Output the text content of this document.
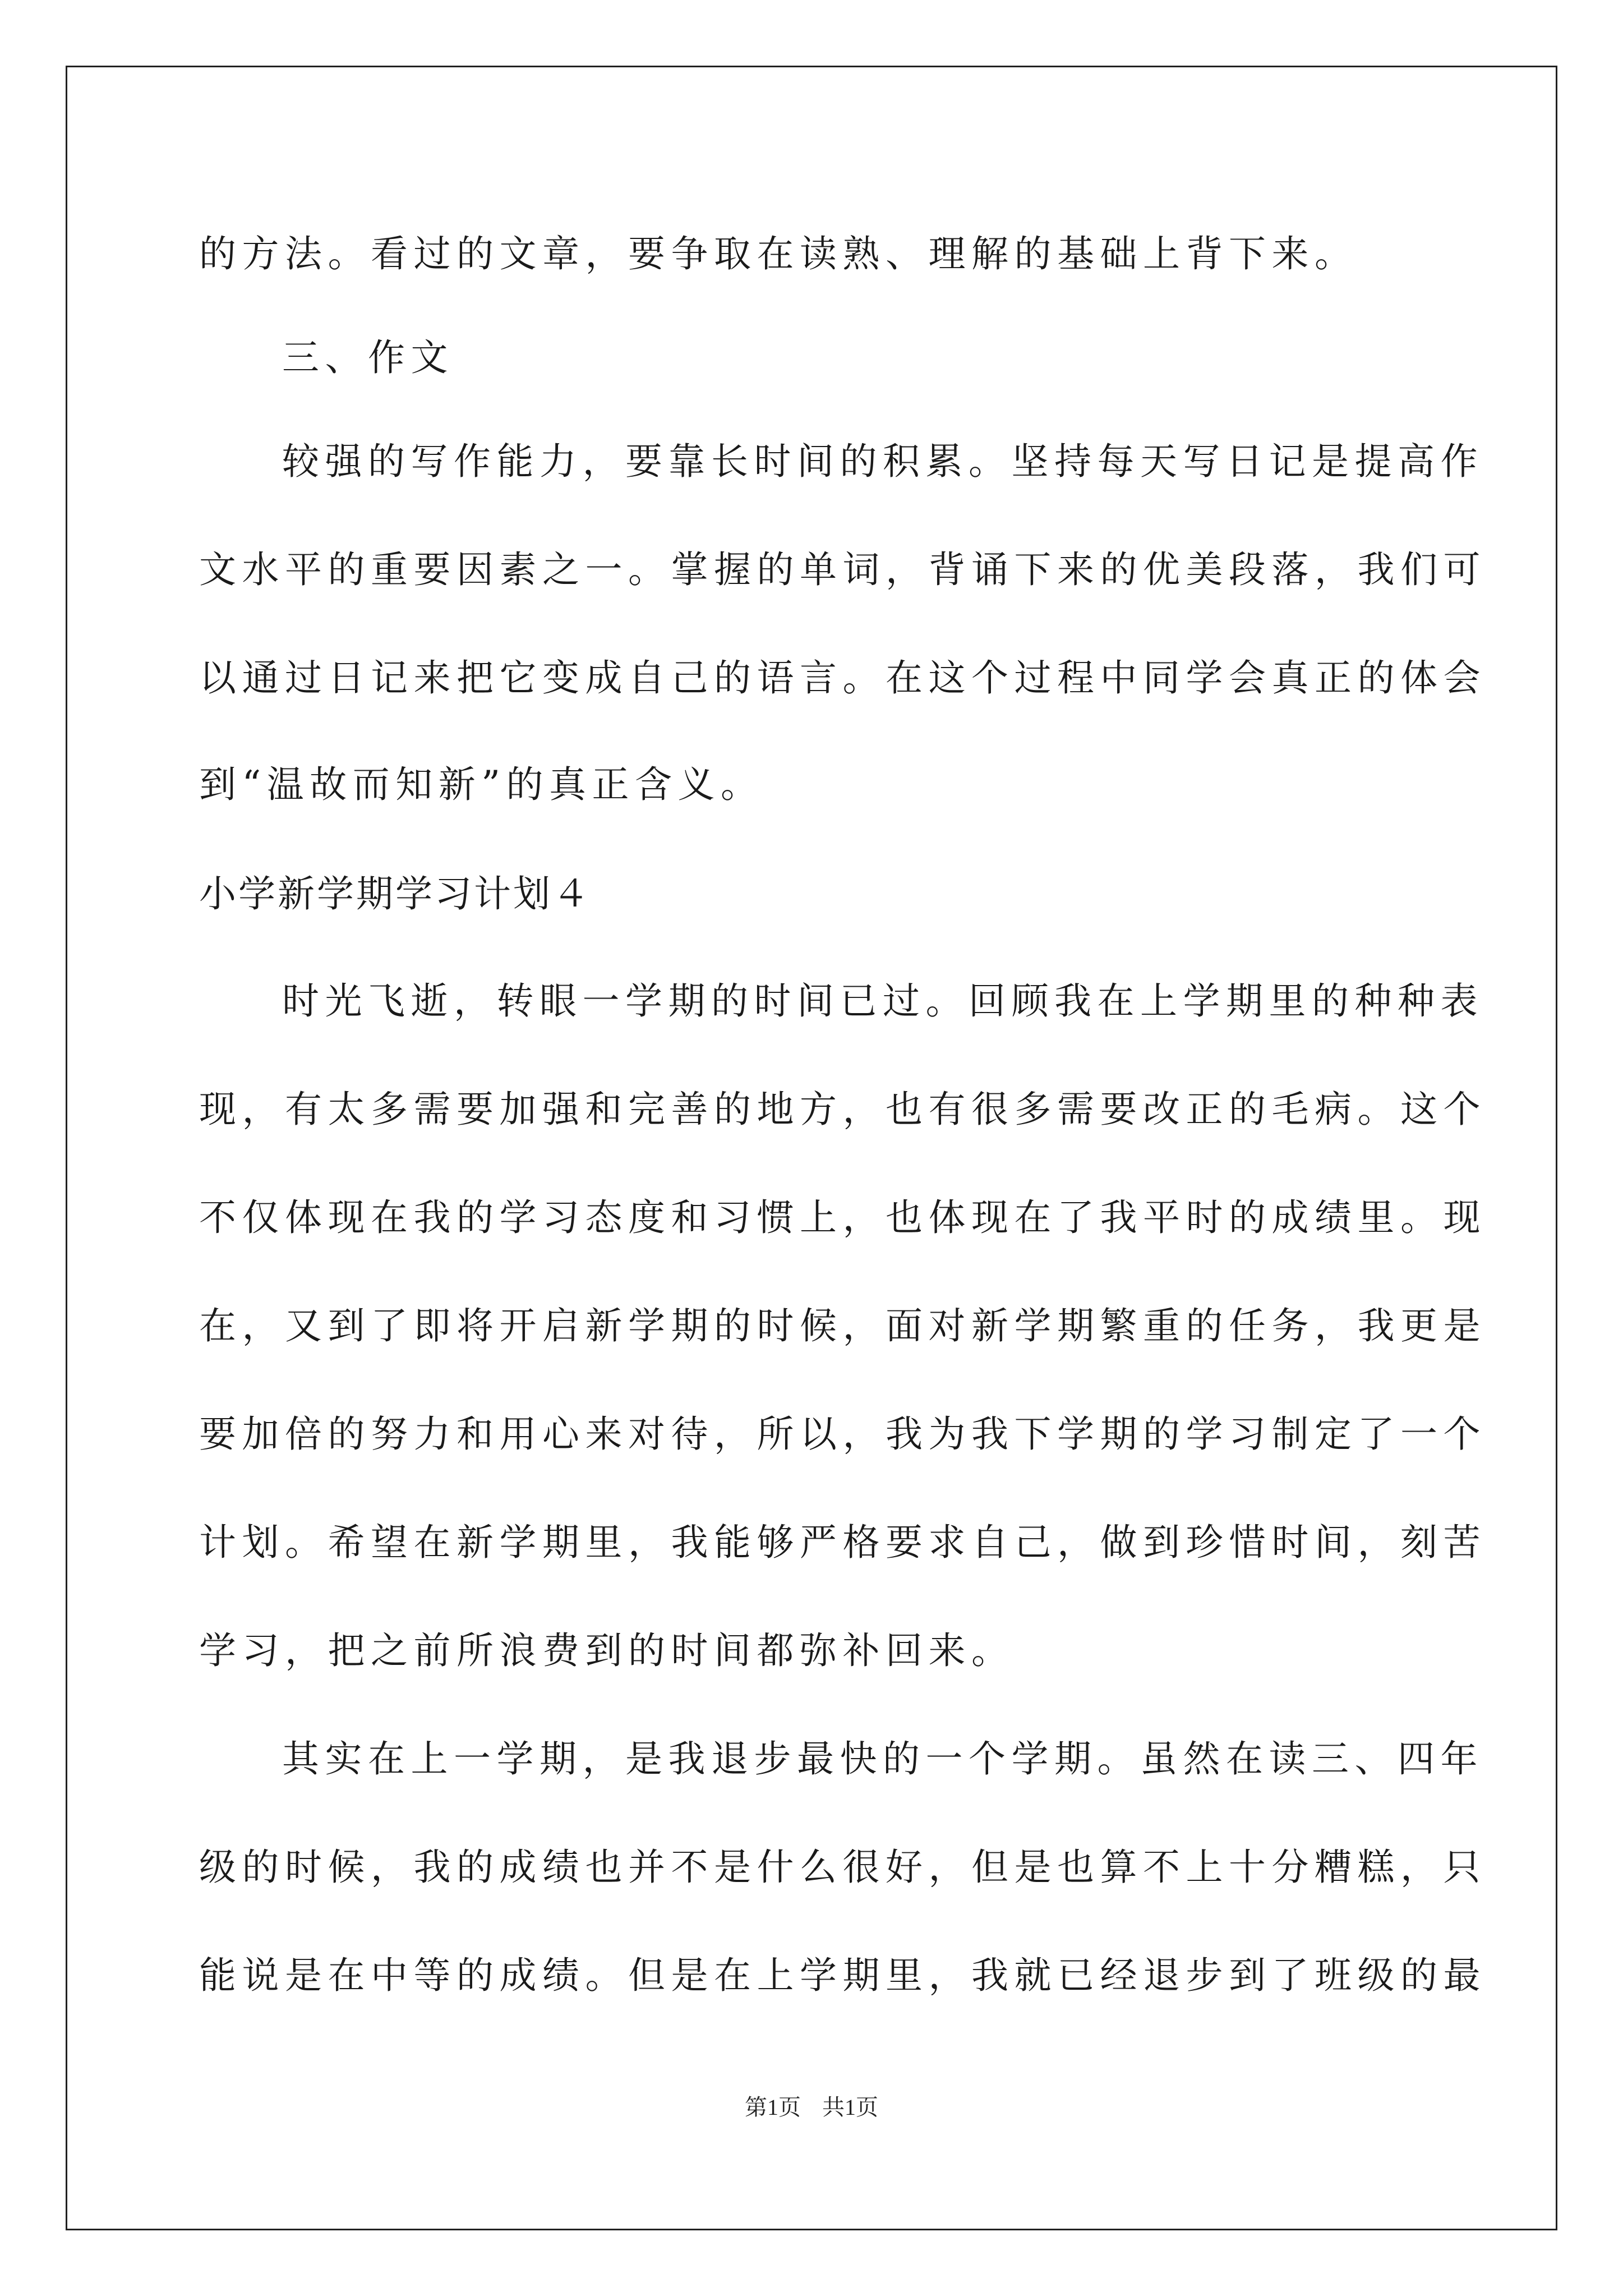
的方法。看过的文章，要争取在读熟、理解的基础上背下来。
三、作文
较强的写作能力，要靠长时间的积累。坚持每天写日记是提高作
文水平的重要因素之一。掌握的单词，背诵下来的优美段落，我们可
以通过日记来把它变成自己的语言。在这个过程中同学会真正的体会
到“温故而知新”的真正含义。
小学新学期学习计划４
时光飞逝，转眼一学期的时间已过。回顾我在上学期里的种种表
现，有太多需要加强和完善的地方，也有很多需要改正的毛病。这个
不仅体现在我的学习态度和习惯上，也体现在了我平时的成绩里。现
在，又到了即将开启新学期的时候，面对新学期繁重的任务，我更是
要加倍的努力和用心来对待，所以，我为我下学期的学习制定了一个
计划。希望在新学期里，我能够严格要求自己，做到珍惜时间，刻苦
学习，把之前所浪费到的时间都弥补回来。
其实在上一学期，是我退步最快的一个学期。虽然在读三、四年
级的时候，我的成绩也并不是什么很好，但是也算不上十分糟糕，只
能说是在中等的成绩。但是在上学期里，我就已经退步到了班级的最
第1页 共1页
